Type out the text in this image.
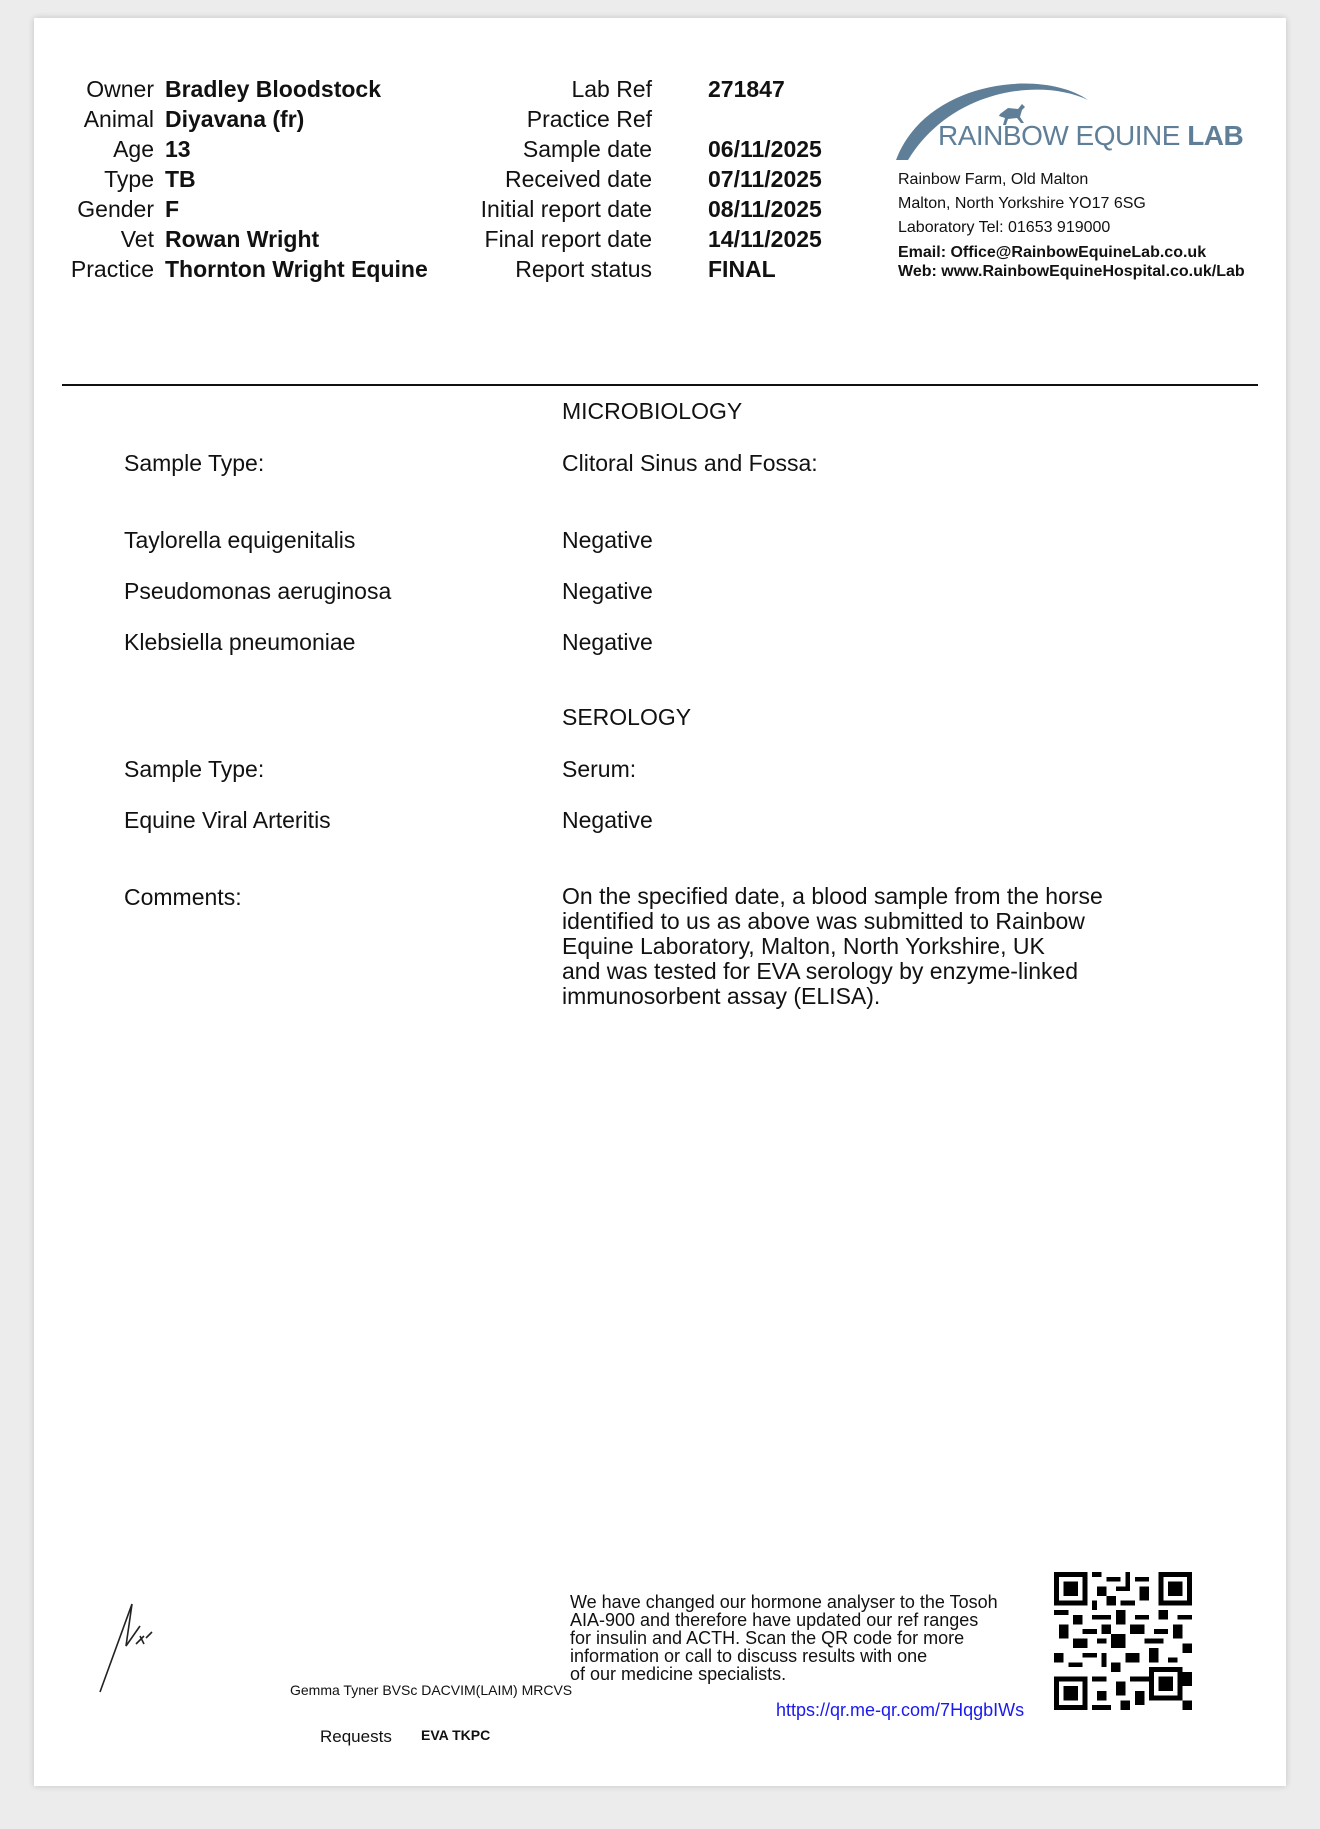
Owner Bradley Bloodstock
Animal Diyavana (fr)
Age 13
Type TB
Gender F
Vet Rowan Wright
Practice Thornton Wright Equine
Lab Ref 271847
Practice Ref
Sample date 06/11/2025
Received date 07/11/2025
Initial report date 08/11/2025
Final report date 14/11/2025
Report status FINAL
RAINBOW EQUINE LAB
Rainbow Farm, Old Malton
Malton, North Yorkshire YO17 6SG
Laboratory Tel: 01653 919000
Email: Office@RainbowEquineLab.co.uk
Web: www.RainbowEquineHospital.co.uk/Lab
MICROBIOLOGY
Sample Type:	Clitoral Sinus and Fossa:
Taylorella equigenitalis	Negative
Pseudomonas aeruginosa	Negative
Klebsiella pneumoniae	Negative
SEROLOGY
Sample Type:	Serum:
Equine Viral Arteritis	Negative
Comments:	On the specified date, a blood sample from the horse
identified to us as above was submitted to Rainbow
Equine Laboratory, Malton, North Yorkshire, UK
and was tested for EVA serology by enzyme-linked
immunosorbent assay (ELISA).
Gemma Tyner BVSc DACVIM(LAIM) MRCVS
Requests EVA TKPC
We have changed our hormone analyser to the Tosoh
AIA-900 and therefore have updated our ref ranges
for insulin and ACTH. Scan the QR code for more
information or call to discuss results with one
of our medicine specialists.
https://qr.me-qr.com/7HqgbIWs
